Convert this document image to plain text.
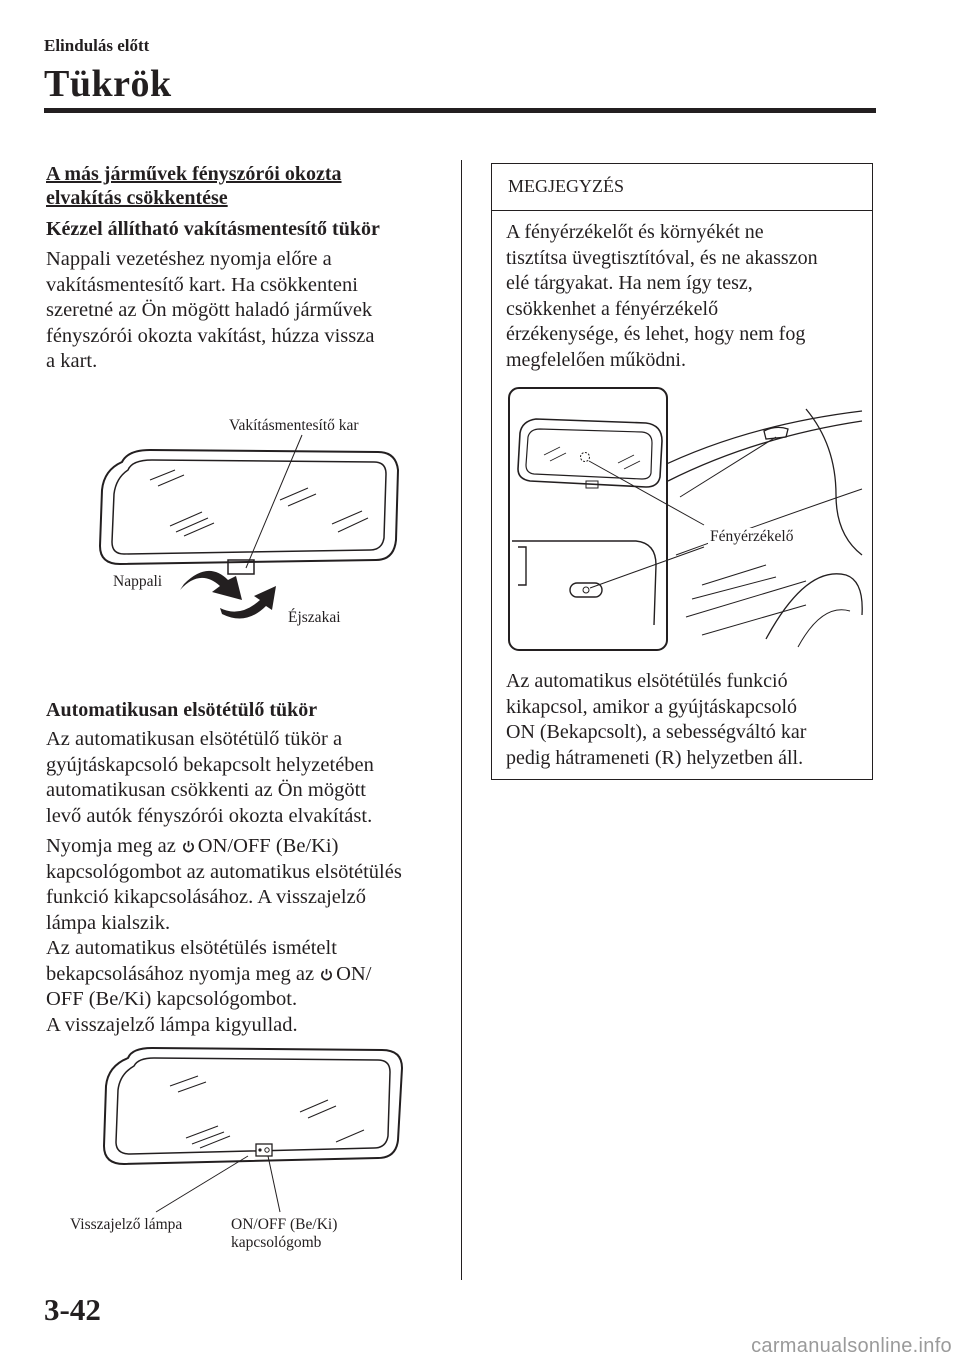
Elindulás előtt
Tükrök
A más járművek fényszórói okozta
elvakítás csökkentése
Kézzel állítható vakításmentesítő tükör
Nappali vezetéshez nyomja előre a
vakításmentesítő kart. Ha csökkenteni
szeretné az Ön mögött haladó járművek
fényszórói okozta vakítást, húzza vissza
a kart.
Vakításmentesítő kar
Nappali
Éjszakai
Automatikusan elsötétülő tükör
Az automatikusan elsötétülő tükör a
gyújtáskapcsoló bekapcsolt helyzetében
automatikusan csökkenti az Ön mögött
levő autók fényszórói okozta elvakítást.
Nyomja meg az ON/OFF (Be/Ki)
kapcsológombot az automatikus elsötétülés
funkció kikapcsolásához. A visszajelző
lámpa kialszik.
Az automatikus elsötétülés ismételt
bekapcsolásához nyomja meg az ON/
OFF (Be/Ki) kapcsológombot.
A visszajelző lámpa kigyullad.
Visszajelző lámpa	ON/OFF (Be/Ki)
kapcsológomb
MEGJEGYZÉS
A fényérzékelőt és környékét ne
tisztítsa üvegtisztítóval, és ne akasszon
elé tárgyakat. Ha nem így tesz,
csökkenhet a fényérzékelő
érzékenysége, és lehet, hogy nem fog
megfelelően működni.
Fényérzékelő
Az automatikus elsötétülés funkció
kikapcsol, amikor a gyújtáskapcsoló
ON (Bekapcsolt), a sebességváltó kar
pedig hátrameneti (R) helyzetben áll.
3-42
carmanualsonline.info
